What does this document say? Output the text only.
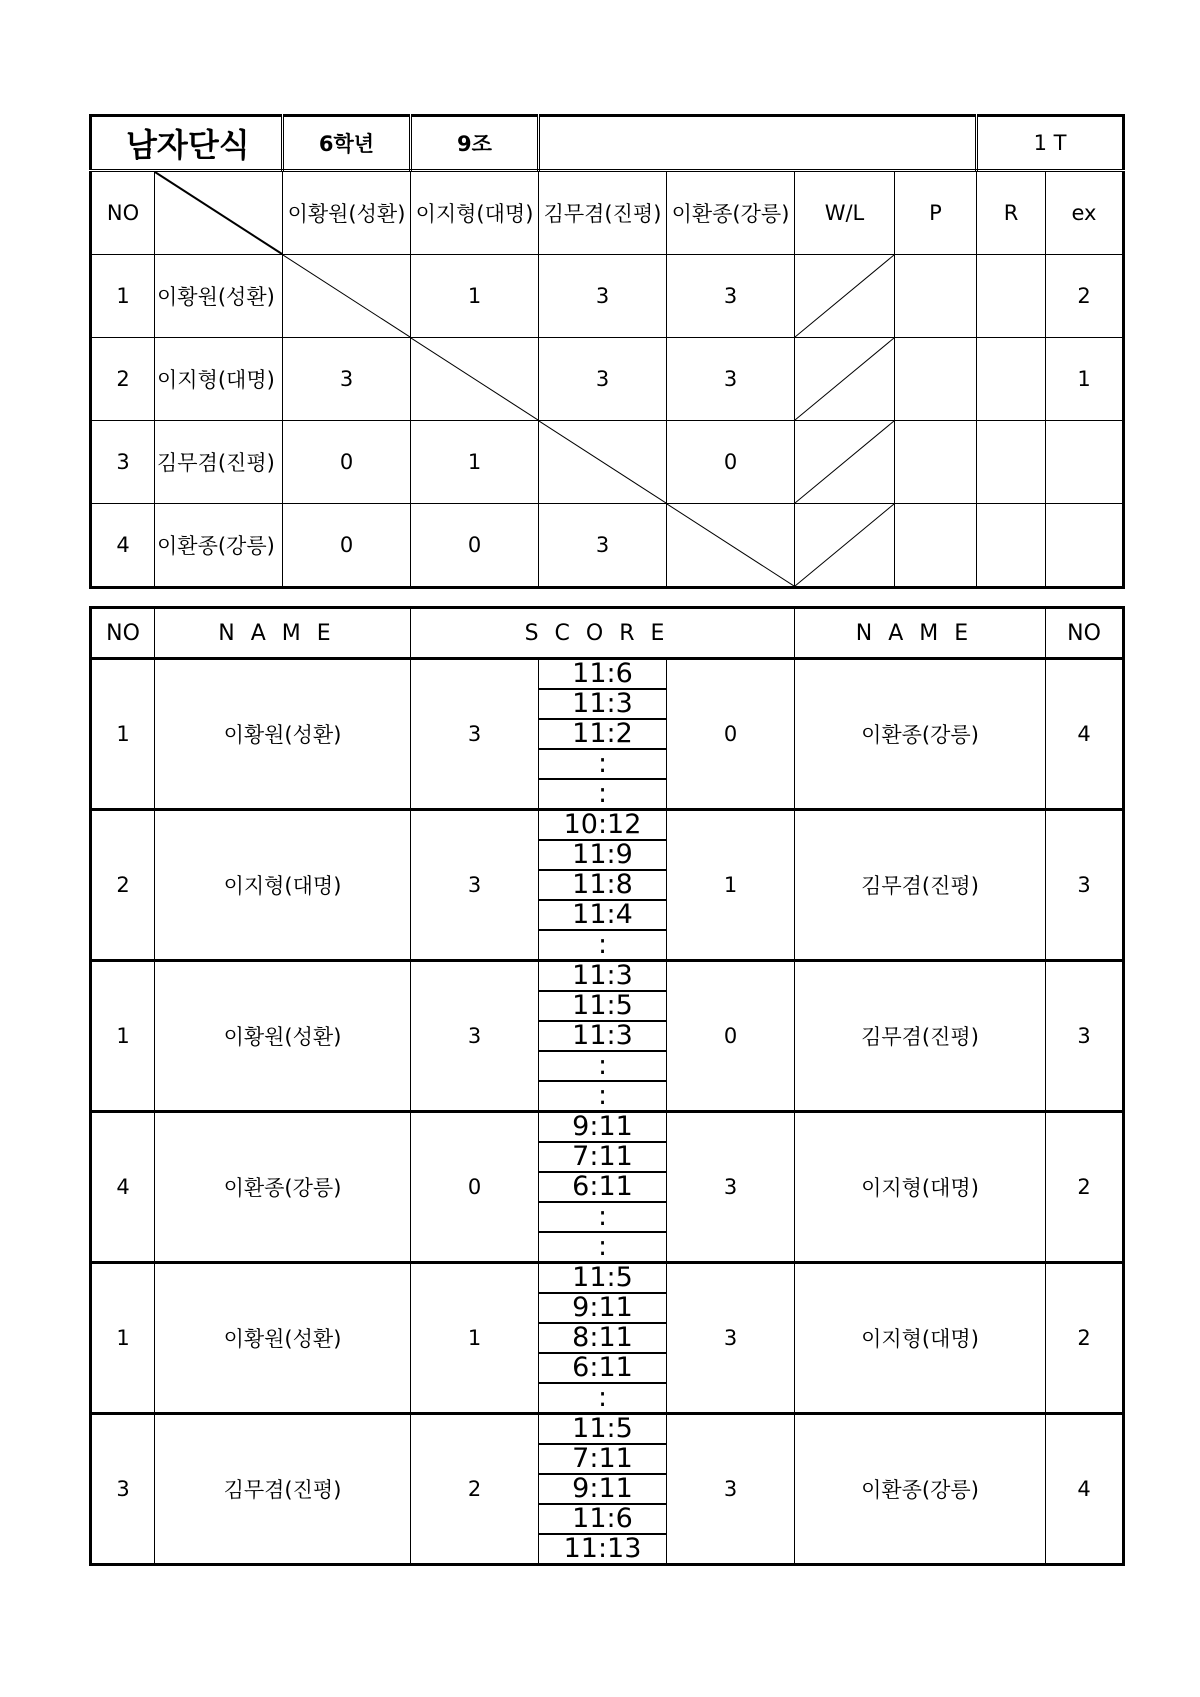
남자단식		6학년	9조					1 T	
NO		이황원(성환)	이지형(대명)	김무겸(진평)	이환종(강릉)	W/L	P	R	ex
1	이황원(성환)		1	3	3				2
2	이지형(대명)	3		3	3				1
3	김무겸(진평)	0	1		0	

4	이환종(강릉)	0	0	3	

NO	NAME	SCORE			NAME	NO
1	이황원(성환)	3	11:6
11:3
11:2
:
:	0	이환종(강릉)	4
2	이지형(대명)	3	10:12
11:9
11:8
11:4
:	1	김무겸(진평)	3
1	이황원(성환)	3	11:3
11:5
11:3
:
:	0	김무겸(진평)	3
4	이환종(강릉)	0	9:11
7:11
6:11
:
:	3	이지형(대명)	2
1	이황원(성환)	1	11:5
9:11
8:11
6:11
:	3	이지형(대명)	2
3	김무겸(진평)	2	11:5
7:11
9:11
11:6
11:13	3	이환종(강릉)	4
